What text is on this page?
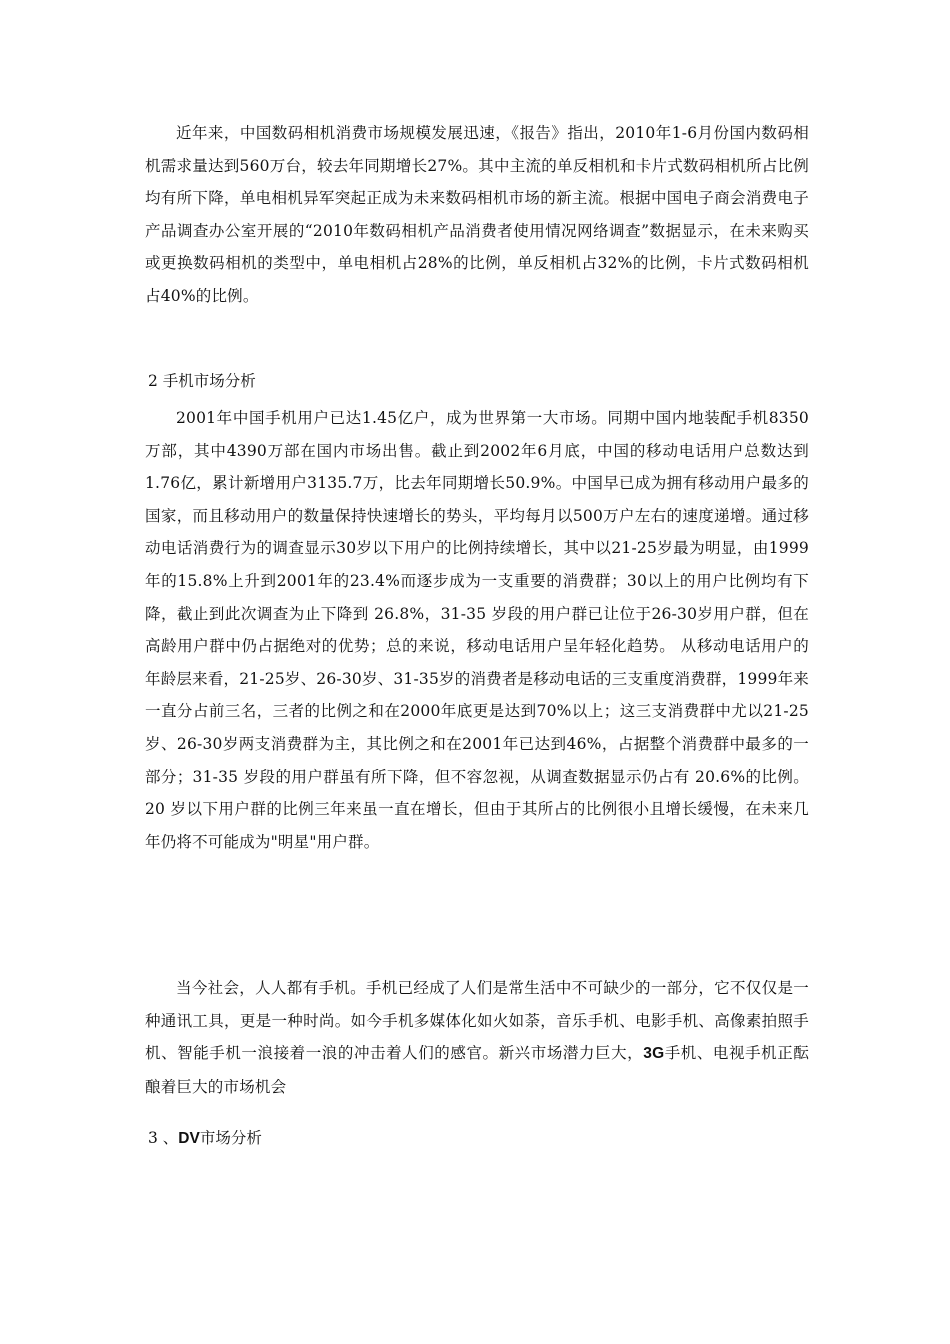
近年来，中国数码相机消费市场规模发展迅速，《报告》指出，2010年1-6月份国内数码相机需求量达到560万台，较去年同期增长27%。其中主流的单反相机和卡片式数码相机所占比例均有所下降，单电相机异军突起正成为未来数码相机市场的新主流。根据中国电子商会消费电子产品调查办公室开展的“2010年数码相机产品消费者使用情况网络调查”数据显示，在未来购买或更换数码相机的类型中，单电相机占28%的比例，单反相机占32%的比例，卡片式数码相机占40%的比例。

2 手机市场分析

2001年中国手机用户已达1.45亿户，成为世界第一大市场。同期中国内地装配手机8350万部，其中4390万部在国内市场出售。截止到2002年6月底，中国的移动电话用户总数达到1.76亿，累计新增用户3135.7万，比去年同期增长50.9%。中国早已成为拥有移动用户最多的国家，而且移动用户的数量保持快速增长的势头，平均每月以500万户左右的速度递增。通过移动电话消费行为的调查显示30岁以下用户的比例持续增长，其中以21-25岁最为明显，由1999年的15.8%上升到2001年的23.4%而逐步成为一支重要的消费群；30以上的用户比例均有下降，截止到此次调查为止下降到 26.8%，31-35 岁段的用户群已让位于26-30岁用户群，但在高龄用户群中仍占据绝对的优势；总的来说，移动电话用户呈年轻化趋势。 从移动电话用户的年龄层来看，21-25岁、26-30岁、31-35岁的消费者是移动电话的三支重度消费群，1999年来一直分占前三名，三者的比例之和在2000年底更是达到70%以上；这三支消费群中尤以21-25岁、26-30岁两支消费群为主，其比例之和在2001年已达到46%，占据整个消费群中最多的一部分；31-35 岁段的用户群虽有所下降，但不容忽视，从调查数据显示仍占有 20.6%的比例。20 岁以下用户群的比例三年来虽一直在增长，但由于其所占的比例很小且增长缓慢，在未来几年仍将不可能成为"明星"用户群。

当今社会，人人都有手机。手机已经成了人们是常生活中不可缺少的一部分，它不仅仅是一种通讯工具，更是一种时尚。如今手机多媒体化如火如荼，音乐手机、电影手机、高像素拍照手机、智能手机一浪接着一浪的冲击着人们的感官。新兴市场潜力巨大，3G手机、电视手机正酝酿着巨大的市场机会

3 、DV市场分析
